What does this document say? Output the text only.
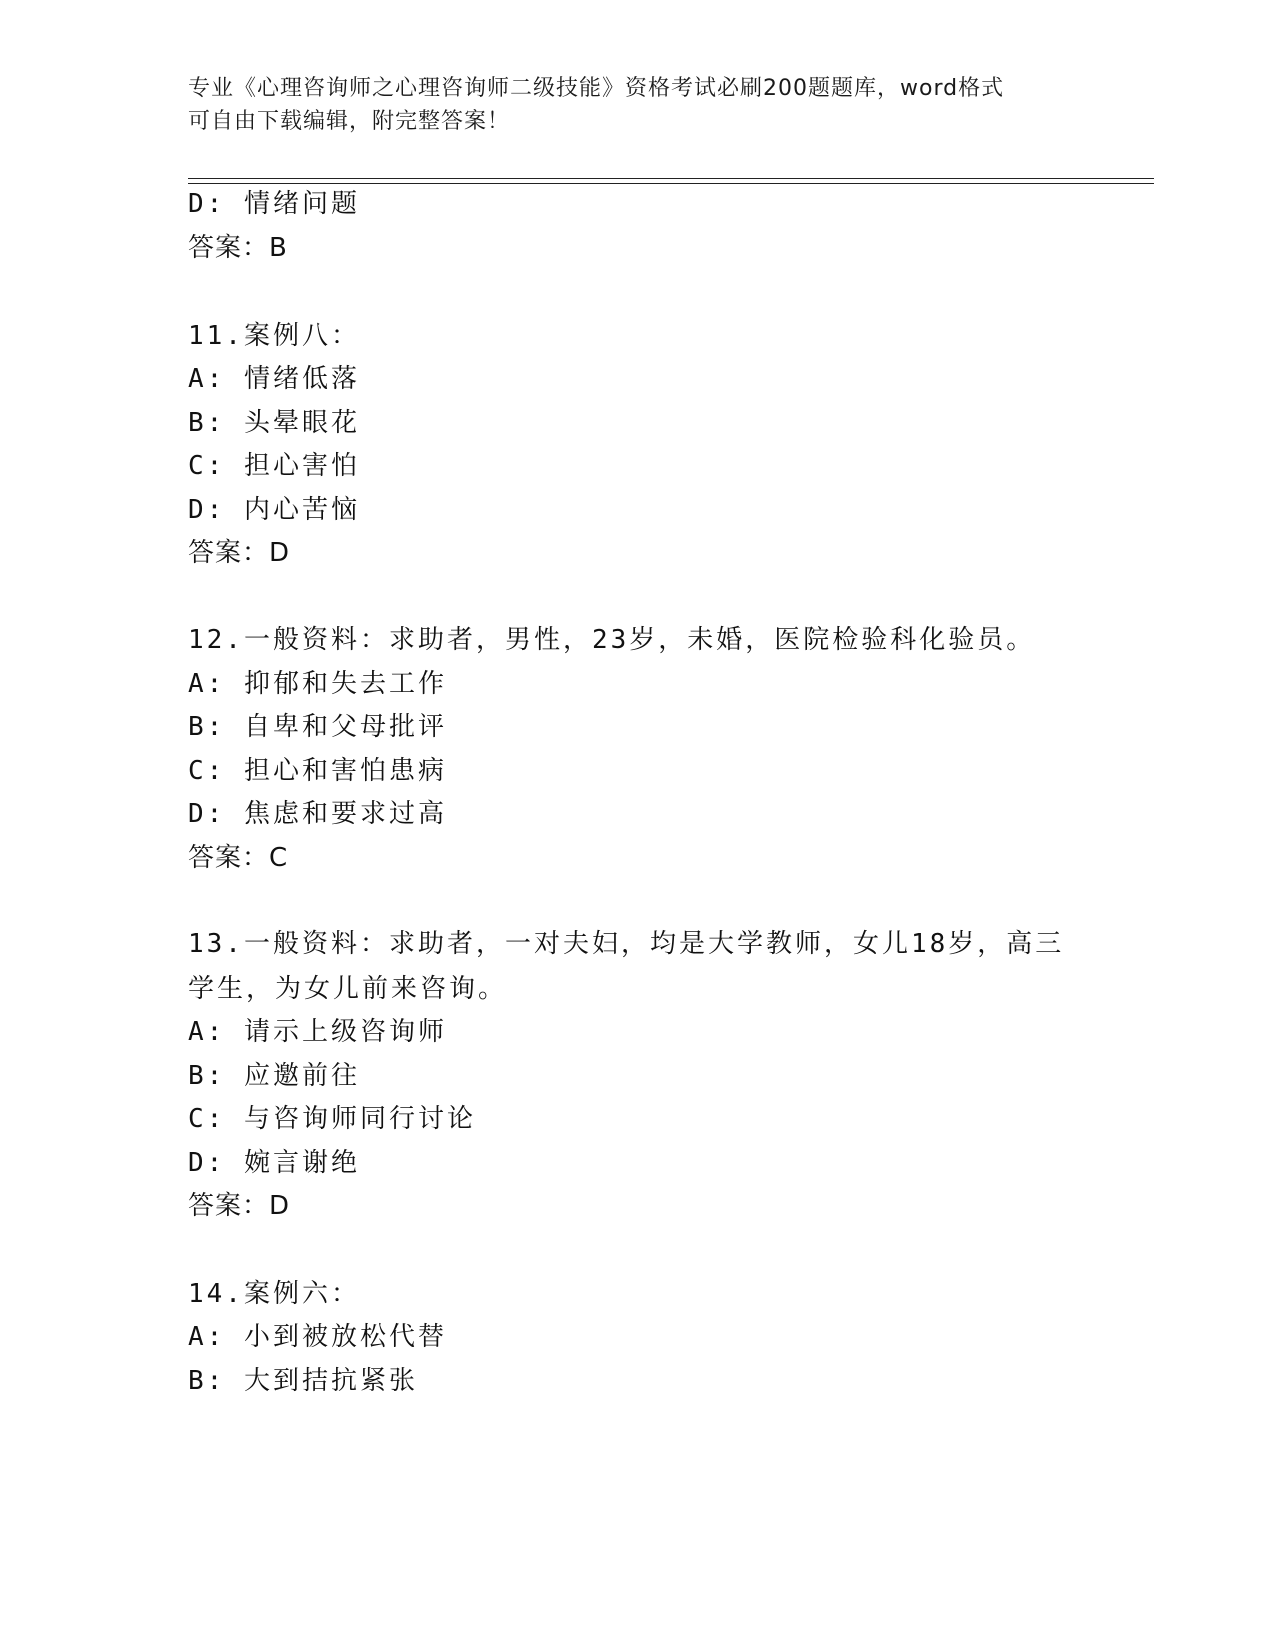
专业《心理咨询师之心理咨询师二级技能》资格考试必刷200题题库，word格式
可自由下载编辑，附完整答案！
D: 情绪问题
答案：B
11.案例八：
A: 情绪低落
B: 头晕眼花
C: 担心害怕
D: 内心苦恼
答案：D
12.一般资料：求助者，男性，23岁，未婚，医院检验科化验员。
A: 抑郁和失去工作
B: 自卑和父母批评
C: 担心和害怕患病
D: 焦虑和要求过高
答案：C
13.一般资料：求助者，一对夫妇，均是大学教师，女儿18岁，高三学生，为女儿前来咨询。
A: 请示上级咨询师
B: 应邀前往
C: 与咨询师同行讨论
D: 婉言谢绝
答案：D
14.案例六：
A: 小到被放松代替
B: 大到拮抗紧张
